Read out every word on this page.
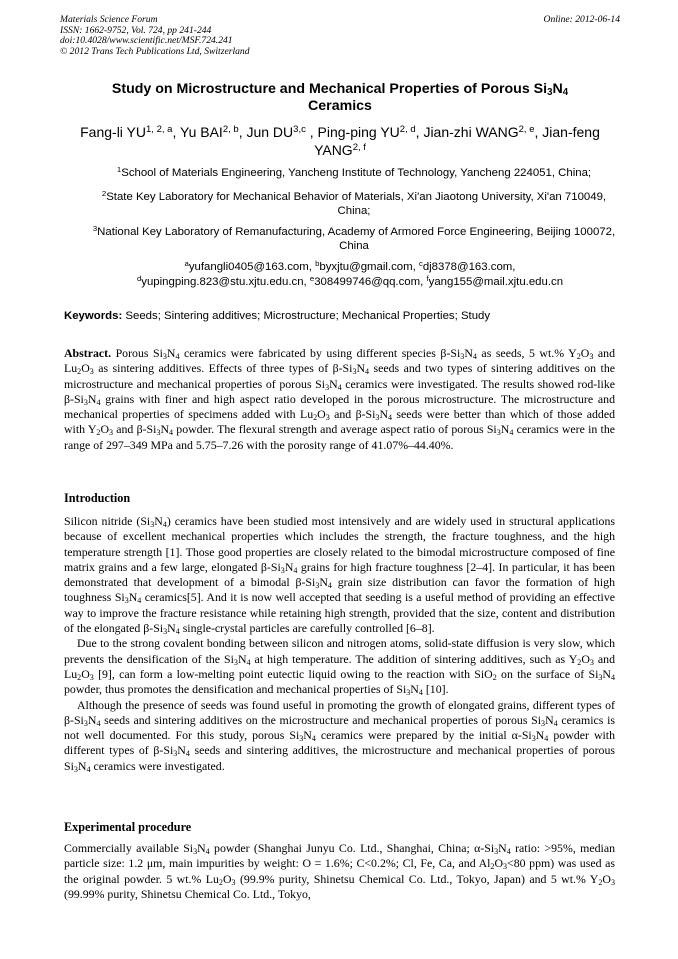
Materials Science Forum
ISSN: 1662-9752, Vol. 724, pp 241-244
doi:10.4028/www.scientific.net/MSF.724.241
© 2012 Trans Tech Publications Ltd, Switzerland
Online: 2012-06-14
Study on Microstructure and Mechanical Properties of Porous $Si_3N_4$
Ceramics
Fang-li YU$^{1, 2, a}$, Yu BAI$^{2, b}$, Jun DU$^{3,c}$ , Ping-ping YU$^{2, d}$, Jian-zhi WANG$^{2, e}$, Jian-feng YANG$^{2, f}$
$^1$School of Materials Engineering, Yancheng Institute of Technology, Yancheng 224051, China;
$^2$State Key Laboratory for Mechanical Behavior of Materials, Xi'an Jiaotong University, Xi'an 710049, China;
$^3$National Key Laboratory of Remanufacturing, Academy of Armored Force Engineering, Beijing 100072, China
$^a$yufangli0405@163.com, $^b$byxjtu@gmail.com, $^c$dj8378@163.com,
$^d$yupingping.823@stu.xjtu.edu.cn, $^e$308499746@qq.com, $^f$yang155@mail.xjtu.edu.cn
Keywords: Seeds; Sintering additives; Microstructure; Mechanical Properties; Study

Abstract. Porous $Si_3N_4$ ceramics were fabricated by using different species $\beta-Si_3N_4$ as seeds, 5 wt.% $Y_2O_3$ and $Lu_2O_3$ as sintering additives. Effects of three types of $\beta-Si_3N_4$ seeds and two types of sintering additives on the microstructure and mechanical properties of porous $Si_3N_4$ ceramics were investigated. The results showed rod-like $\beta-Si_3N_4$ grains with finer and high aspect ratio developed in the porous microstructure. The microstructure and mechanical properties of specimens added with $Lu_2O_3$ and $\beta-Si_3N_4$ seeds were better than which of those added with $Y_2O_3$ and $\beta-Si_3N_4$ powder. The flexural strength and average aspect ratio of porous $Si_3N_4$ ceramics were in the range of 297–349 MPa and 5.75–7.26 with the porosity range of 41.07%–44.40%.

Introduction

Silicon nitride $(Si_3N_4)$ ceramics have been studied most intensively and are widely used in structural applications because of excellent mechanical properties which includes the strength, the fracture toughness, and the high temperature strength [1]. Those good properties are closely related to the bimodal microstructure composed of fine matrix grains and a few large, elongated $\beta-Si_3N_4$ grains for high fracture toughness [2–4]. In particular, it has been demonstrated that development of a bimodal $\beta-Si_3N_4$ grain size distribution can favor the formation of high toughness $Si_3N_4$ ceramics[5]. And it is now well accepted that seeding is a useful method of providing an effective way to improve the fracture resistance while retaining high strength, provided that the size, content and distribution of the elongated $\beta-Si_3N_4$ single-crystal particles are carefully controlled [6–8].

Due to the strong covalent bonding between silicon and nitrogen atoms, solid-state diffusion is very slow, which prevents the densification of the $Si_3N_4$ at high temperature. The addition of sintering additives, such as $Y_2O_3$ and $Lu_2O_3$ [9], can form a low-melting point eutectic liquid owing to the reaction with SiO$_2$ on the surface of $Si_3N_4$ powder, thus promotes the densification and mechanical properties of $Si_3N_4$ [10].

Although the presence of seeds was found useful in promoting the growth of elongated grains, different types of $\beta-Si_3N_4$ seeds and sintering additives on the microstructure and mechanical properties of porous $Si_3N_4$ ceramics is not well documented. For this study, porous $Si_3N_4$ ceramics were prepared by the initial $\alpha-Si_3N_4$ powder with different types of $\beta-Si_3N_4$ seeds and sintering additives, the microstructure and mechanical properties of porous $Si_3N_4$ ceramics were investigated.

Experimental procedure

Commercially available $Si_3N_4$ powder (Shanghai Junyu Co. Ltd., Shanghai, China; $\alpha-Si_3N_4$ ratio: >95%, median particle size: 1.2 μm, main impurities by weight: O = 1.6%; C<0.2%; Cl, Fe, Ca, and $Al_2O_3<80$ ppm) was used as the original powder. 5 wt.% $Lu_2O_3$ (99.9% purity, Shinetsu Chemical Co. Ltd., Tokyo, Japan) and 5 wt.% $Y_2O_3$ (99.99% purity, Shinetsu Chemical Co. Ltd., Tokyo,
